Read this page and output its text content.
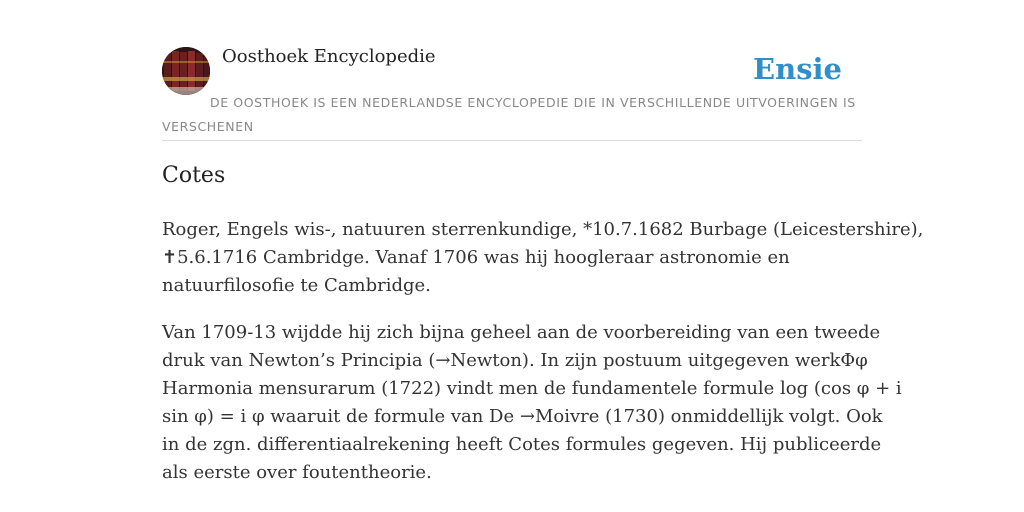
Oosthoek Encyclopedie	Ensie
DE OOSTHOEK IS EEN NEDERLANDSE ENCYCLOPEDIE DIE IN VERSCHILLENDE UITVOERINGEN IS VERSCHENEN
Cotes
Roger, Engels wis-, natuuren sterrenkundige, *10.7.1682 Burbage (Leicestershire),
✝5.6.1716 Cambridge. Vanaf 1706 was hij hoogleraar astronomie en
natuurfilosofie te Cambridge.
Van 1709-13 wijdde hij zich bijna geheel aan de voorbereiding van een tweede
druk van Newton’s Principia (→Newton). In zijn postuum uitgegeven werkΦφ
Harmonia mensurarum (1722) vindt men de fundamentele formule log (cos φ + i
sin φ) = i φ waaruit de formule van De →Moivre (1730) onmiddellijk volgt. Ook
in de zgn. differentiaalrekening heeft Cotes formules gegeven. Hij publiceerde
als eerste over foutentheorie.
